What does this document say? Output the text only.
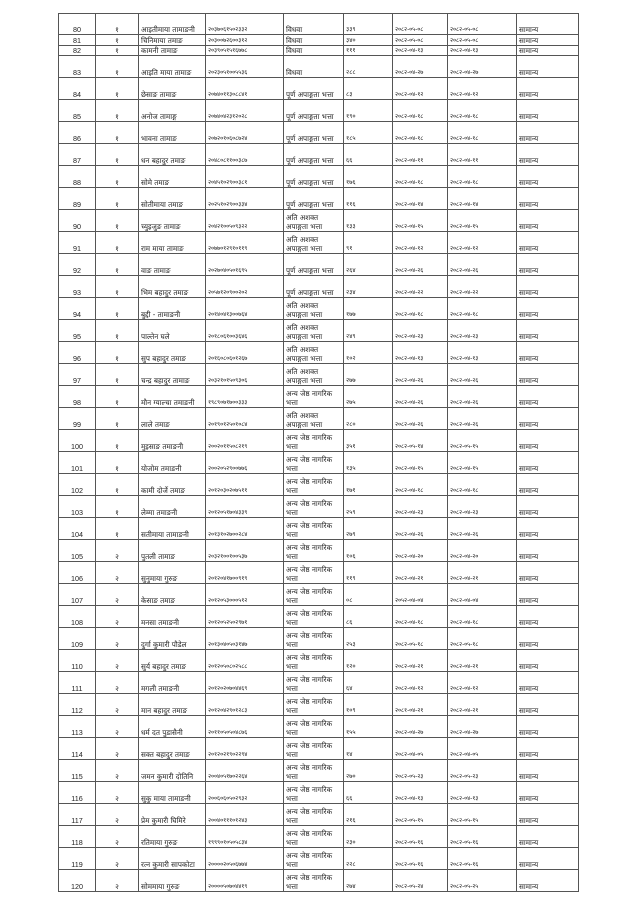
80	१	आइतीमाया तामाङनी	२०३७०६१५०२३३२	विधवा	३३९	२०८२-०५-०८	२०८२-०५-०८	सामान्य
81	१	चिनिमाया तमाङ	२०३००७२६००३१२	विधवा	३४०	२०८२-०५-०८	२०८२-०५-०८	सामान्य
82	१	कामनी तामाङ	२०३९०५१५१६७७८	विधवा	१११	२०८२-०४-१३	२०८२-०४-१३	सामान्य
83	१	आइति माया तामाङ	२०२३०५१००५५३६	विधवा	२८८	२०८२-०४-२७	२०८२-०४-२७	सामान्य
84	१	छेसाङ तामाङ	२०७४०११३०८८४१	पूर्ण अपाङ्गता भत्ता	८३	२०८२-०४-१२	२०८२-०४-१२	सामान्य
85	१	अनोज तामाङ्ग	२०७४०४२३१२०२८	पूर्ण अपाङ्गता भत्ता	१९०	२०८२-०४-१८	२०८२-०४-१८	सामान्य
86	१	भावना तामाङ	२०७२०१०६०८७२४	पूर्ण अपाङ्गता भत्ता	१८५	२०८२-०४-१८	२०८२-०४-१८	सामान्य
87	१	धन बहादुर तमाङ	२०४८०८११००३८७	पूर्ण अपाङ्गता भत्ता	६६	२०८२-०४-११	२०८२-०४-११	सामान्य
88	१	सोमे तमाङ	२०४५१०२९००३८१	पूर्ण अपाङ्गता भत्ता	१७६	२०८२-०४-१८	२०८२-०४-१८	सामान्य
89	१	सोतीमाया तमाङ	२०२५१०२९००३३४	पूर्ण अपाङ्गता भत्ता	११६	२०८२-०४-१४	२०८२-०४-१४	सामान्य
90	१	च्युइजुङ तामाङ	२०४२१००५०९३२२	अति अशक्त अपाङ्गता भत्ता	१३३	२०८२-०४-१५	२०८२-०४-१५	सामान्य
91	१	राम माया तामाङ	२०७७०१२९१०११९	अति अशक्त अपाङ्गता भत्ता	९१	२०८२-०४-१२	२०८२-०४-१२	सामान्य
92	१	वाङ तामाङ	२०२७०४०५०१६९५	पूर्ण अपाङ्गता भत्ता	२६४	२०८२-०४-२६	२०८२-०४-२६	सामान्य
93	१	भिम बहादुर तमाङ	२०५७१२०९००२०२	पूर्ण अपाङ्गता भत्ता	२३४	२०८२-०४-२२	२०८२-०४-२२	सामान्य
94	१	बुद्दी - तामाङनी	२०१४०४१३००७६४	अति अशक्त अपाङ्गता भत्ता	१७७	२०८२-०४-१८	२०८२-०४-१८	सामान्य
95	१	पाल्तेन घले	२०१८०६१००३६४६	अति अशक्त अपाङ्गता भत्ता	२४९	२०८२-०४-२३	२०८२-०४-२३	सामान्य
96	१	सुप बहादुर तमाङ	२०१६०८०६०१२६७	अति अशक्त अपाङ्गता भत्ता	१०२	२०८२-०४-१३	२०८२-०४-१३	सामान्य
97	१	चन्द्र बहादुर तामाङ	२०३२१०१५०९३०६	अति अशक्त अपाङ्गता भत्ता	२७७	२०८२-०४-२६	२०८२-०४-२६	सामान्य
98	१	मौन ग्याल्चा तमाङनी	१९८९०७१७००३३३	अन्य जेष्ठ नागरिक भत्ता	२७५	२०८२-०४-२६	२०८२-०४-२६	सामान्य
99	१	लाले तमाङ	२०१९०१२५०१०८४	अति अशक्त अपाङ्गता भत्ता	२८०	२०८२-०४-२६	२०८२-०४-२६	सामान्य
100	१	मुइसाङ तमाङनी	२००२०११५०८२१९	अन्य जेष्ठ नागरिक भत्ता	३५१	२०८२-०५-१४	२०८२-०५-१५	सामान्य
101	१	योजोम तमाङनी	२००२०५२९००७७६	अन्य जेष्ठ नागरिक भत्ता	१३५	२०८२-०४-१५	२०८२-०४-१५	सामान्य
102	१	कामी दोर्जे तमाङ	२०१२०३०२०७५११	अन्य जेष्ठ नागरिक भत्ता	१७१	२०८२-०४-१८	२०८२-०४-१८	सामान्य
103	१	लेम्मा तमाङनी	२०१२०५१७०४३३९	अन्य जेष्ठ नागरिक भत्ता	२५९	२०८२-०४-२३	२०८२-०४-२३	सामान्य
104	१	सतीमाया तामाङनी	२०१३१०२७००२८४	अन्य जेष्ठ नागरिक भत्ता	२७९	२०८२-०४-२६	२०८२-०४-२६	सामान्य
105	२	पुतली तामाङ	२०३२१००१००५३७	अन्य जेष्ठ नागरिक भत्ता	१०६	२०८२-०४-२०	२०८२-०४-२०	सामान्य
106	२	सुनुमाया गुरुङ	२०१२०४१७००९१९	अन्य जेष्ठ नागरिक भत्ता	११९	२०८२-०४-२१	२०८२-०४-२१	सामान्य
107	२	केसाङ तमाङ	२०१२०५३०००५१२	अन्य जेष्ठ नागरिक भत्ता	०८	२०५२-०४-०४	२०८२-०४-०४	सामान्य
108	२	मनसा तमाङनी	२०१२०५२५०२९७१	अन्य जेष्ठ नागरिक भत्ता	८६	२०८२-०४-१८	२०८२-०४-१८	सामान्य
109	२	दुर्गा कुमारी पौडेल	२०१३०४०५०३१४७	अन्य जेष्ठ नागरिक भत्ता	२५३	२०८२-०५-१८	२०८२-०५-१८	सामान्य
110	२	सुर्य बहादुर तमाङ	२०१२०५०८०२५८८	अन्य जेष्ठ नागरिक भत्ता	१२०	२०८२-०४-२१	२०८२-०४-२१	सामान्य
111	२	मगली तमाङनी	२०१२०२०७०४४६९	अन्य जेष्ठ नागरिक भत्ता	६४	२०८२-०४-१२	२०८२-०४-१२	सामान्य
112	२	मान बहादुर तमाङ	२०१२०४२९०१२८३	अन्य जेष्ठ नागरिक भत्ता	१०९	२०८१-०४-२१	२०८२-०४-२१	सामान्य
113	२	धर्म दत पुडासैनी	२०११०५०५०४८७६	अन्य जेष्ठ नागरिक भत्ता	१५५	२०८२-०४-२७	२०८२-०४-२७	सामान्य
114	२	सक्त बहादुर तमाङ	२०१२०२१९०२२९४	अन्य जेष्ठ नागरिक भत्ता	१४	२०८२-०४-०५	२०८२-०४-०५	सामान्य
115	२	जमन कुमारी दोतिनि	२००४०५१७०२२६४	अन्य जेष्ठ नागरिक भत्ता	२७०	२०८२-०५-२३	२०८२-०५-२३	सामान्य
116	२	सुकु माया तामाङनी	२००६०६०५०२९३२	अन्य जेष्ठ नागरिक भत्ता	६६	२०८२-०४-१३	२०८२-०४-१३	सामान्य
117	२	प्रेम कुमारी घिमिरे	२००४०१११०१२४३	अन्य जेष्ठ नागरिक भत्ता	२१६	२०८२-०५-१५	२०८२-०५-१५	सामान्य
118	२	रतिमाया गुरुङ	१९९९०१०५०५८३४	अन्य जेष्ठ नागरिक भत्ता	२३०	२०८२-०५-१६	२०८२-०५-१६	सामान्य
119	२	रत्न कुमारी सापकोटा	२००००२०५०६७७४	अन्य जेष्ठ नागरिक भत्ता	२२८	२०८२-०५-१६	२०८२-०५-१६	सामान्य
120	२	सोममाया गुरुङ	२००००५०७०४४१९	अन्य जेष्ठ नागरिक भत्ता	२७४	२०८२-०५-२४	२०८२-०५-२५	सामान्य
